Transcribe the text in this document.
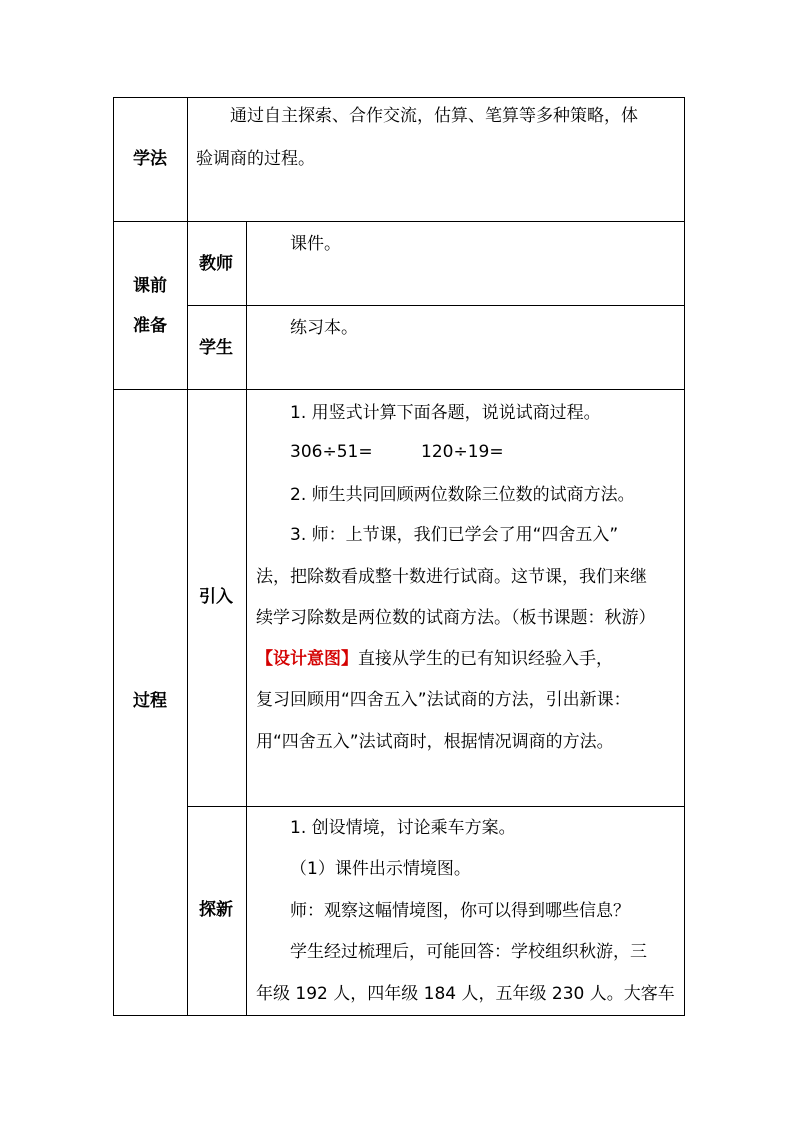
学法
通过自主探索、合作交流，估算、笔算等多种策略，体
验调商的过程。
课前
准备
教师
课件。
学生
练习本。
过程
引入
探新
1. 用竖式计算下面各题，说说试商过程。
306÷51=	120÷19=
2. 师生共同回顾两位数除三位数的试商方法。
3. 师：上节课，我们已学会了用“四舍五入”
法，把除数看成整十数进行试商。这节课，我们来继
续学习除数是两位数的试商方法。（板书课题：秋游）
【设计意图】直接从学生的已有知识经验入手，
复习回顾用“四舍五入”法试商的方法，引出新课：
用“四舍五入”法试商时，根据情况调商的方法。
1. 创设情境，讨论乘车方案。
（1）课件出示情境图。
师：观察这幅情境图，你可以得到哪些信息？
学生经过梳理后，可能回答：学校组织秋游，三
年级 192 人，四年级 184 人，五年级 230 人。大客车
